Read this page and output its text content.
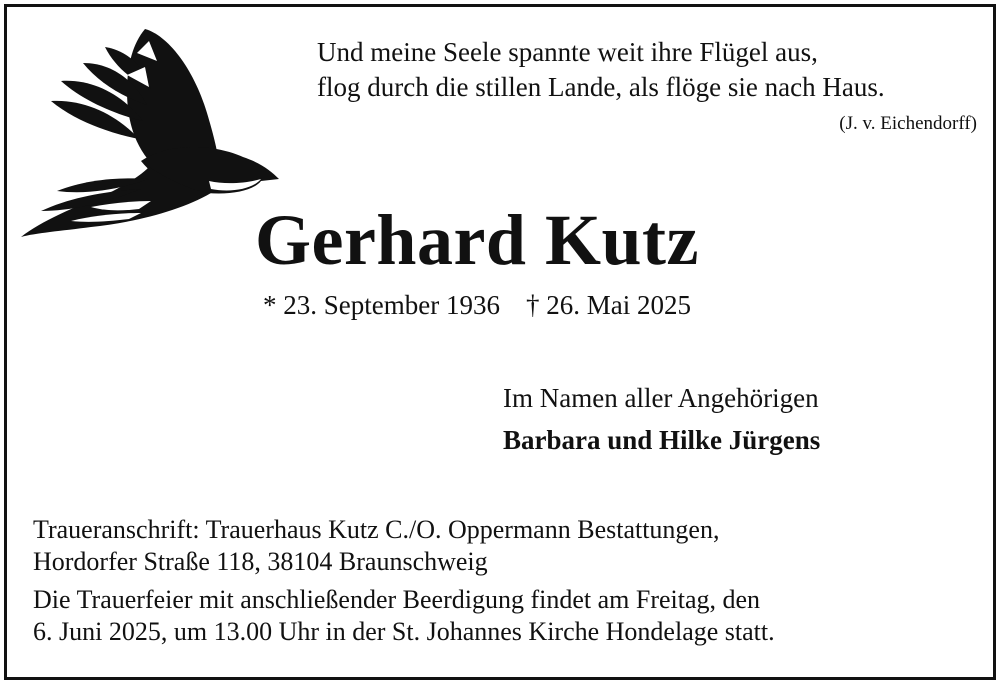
Und meine Seele spannte weit ihre Flügel aus,
flog durch die stillen Lande, als flöge sie nach Haus.
(J. v. Eichendorff)
Gerhard Kutz
* 23. September 1936 † 26. Mai 2025
Im Namen aller Angehörigen
Barbara und Hilke Jürgens
Traueranschrift: Trauerhaus Kutz C./O. Oppermann Bestattungen,
Hordorfer Straße 118, 38104 Braunschweig
Die Trauerfeier mit anschließender Beerdigung findet am Freitag, den
6. Juni 2025, um 13.00 Uhr in der St. Johannes Kirche Hondelage statt.
